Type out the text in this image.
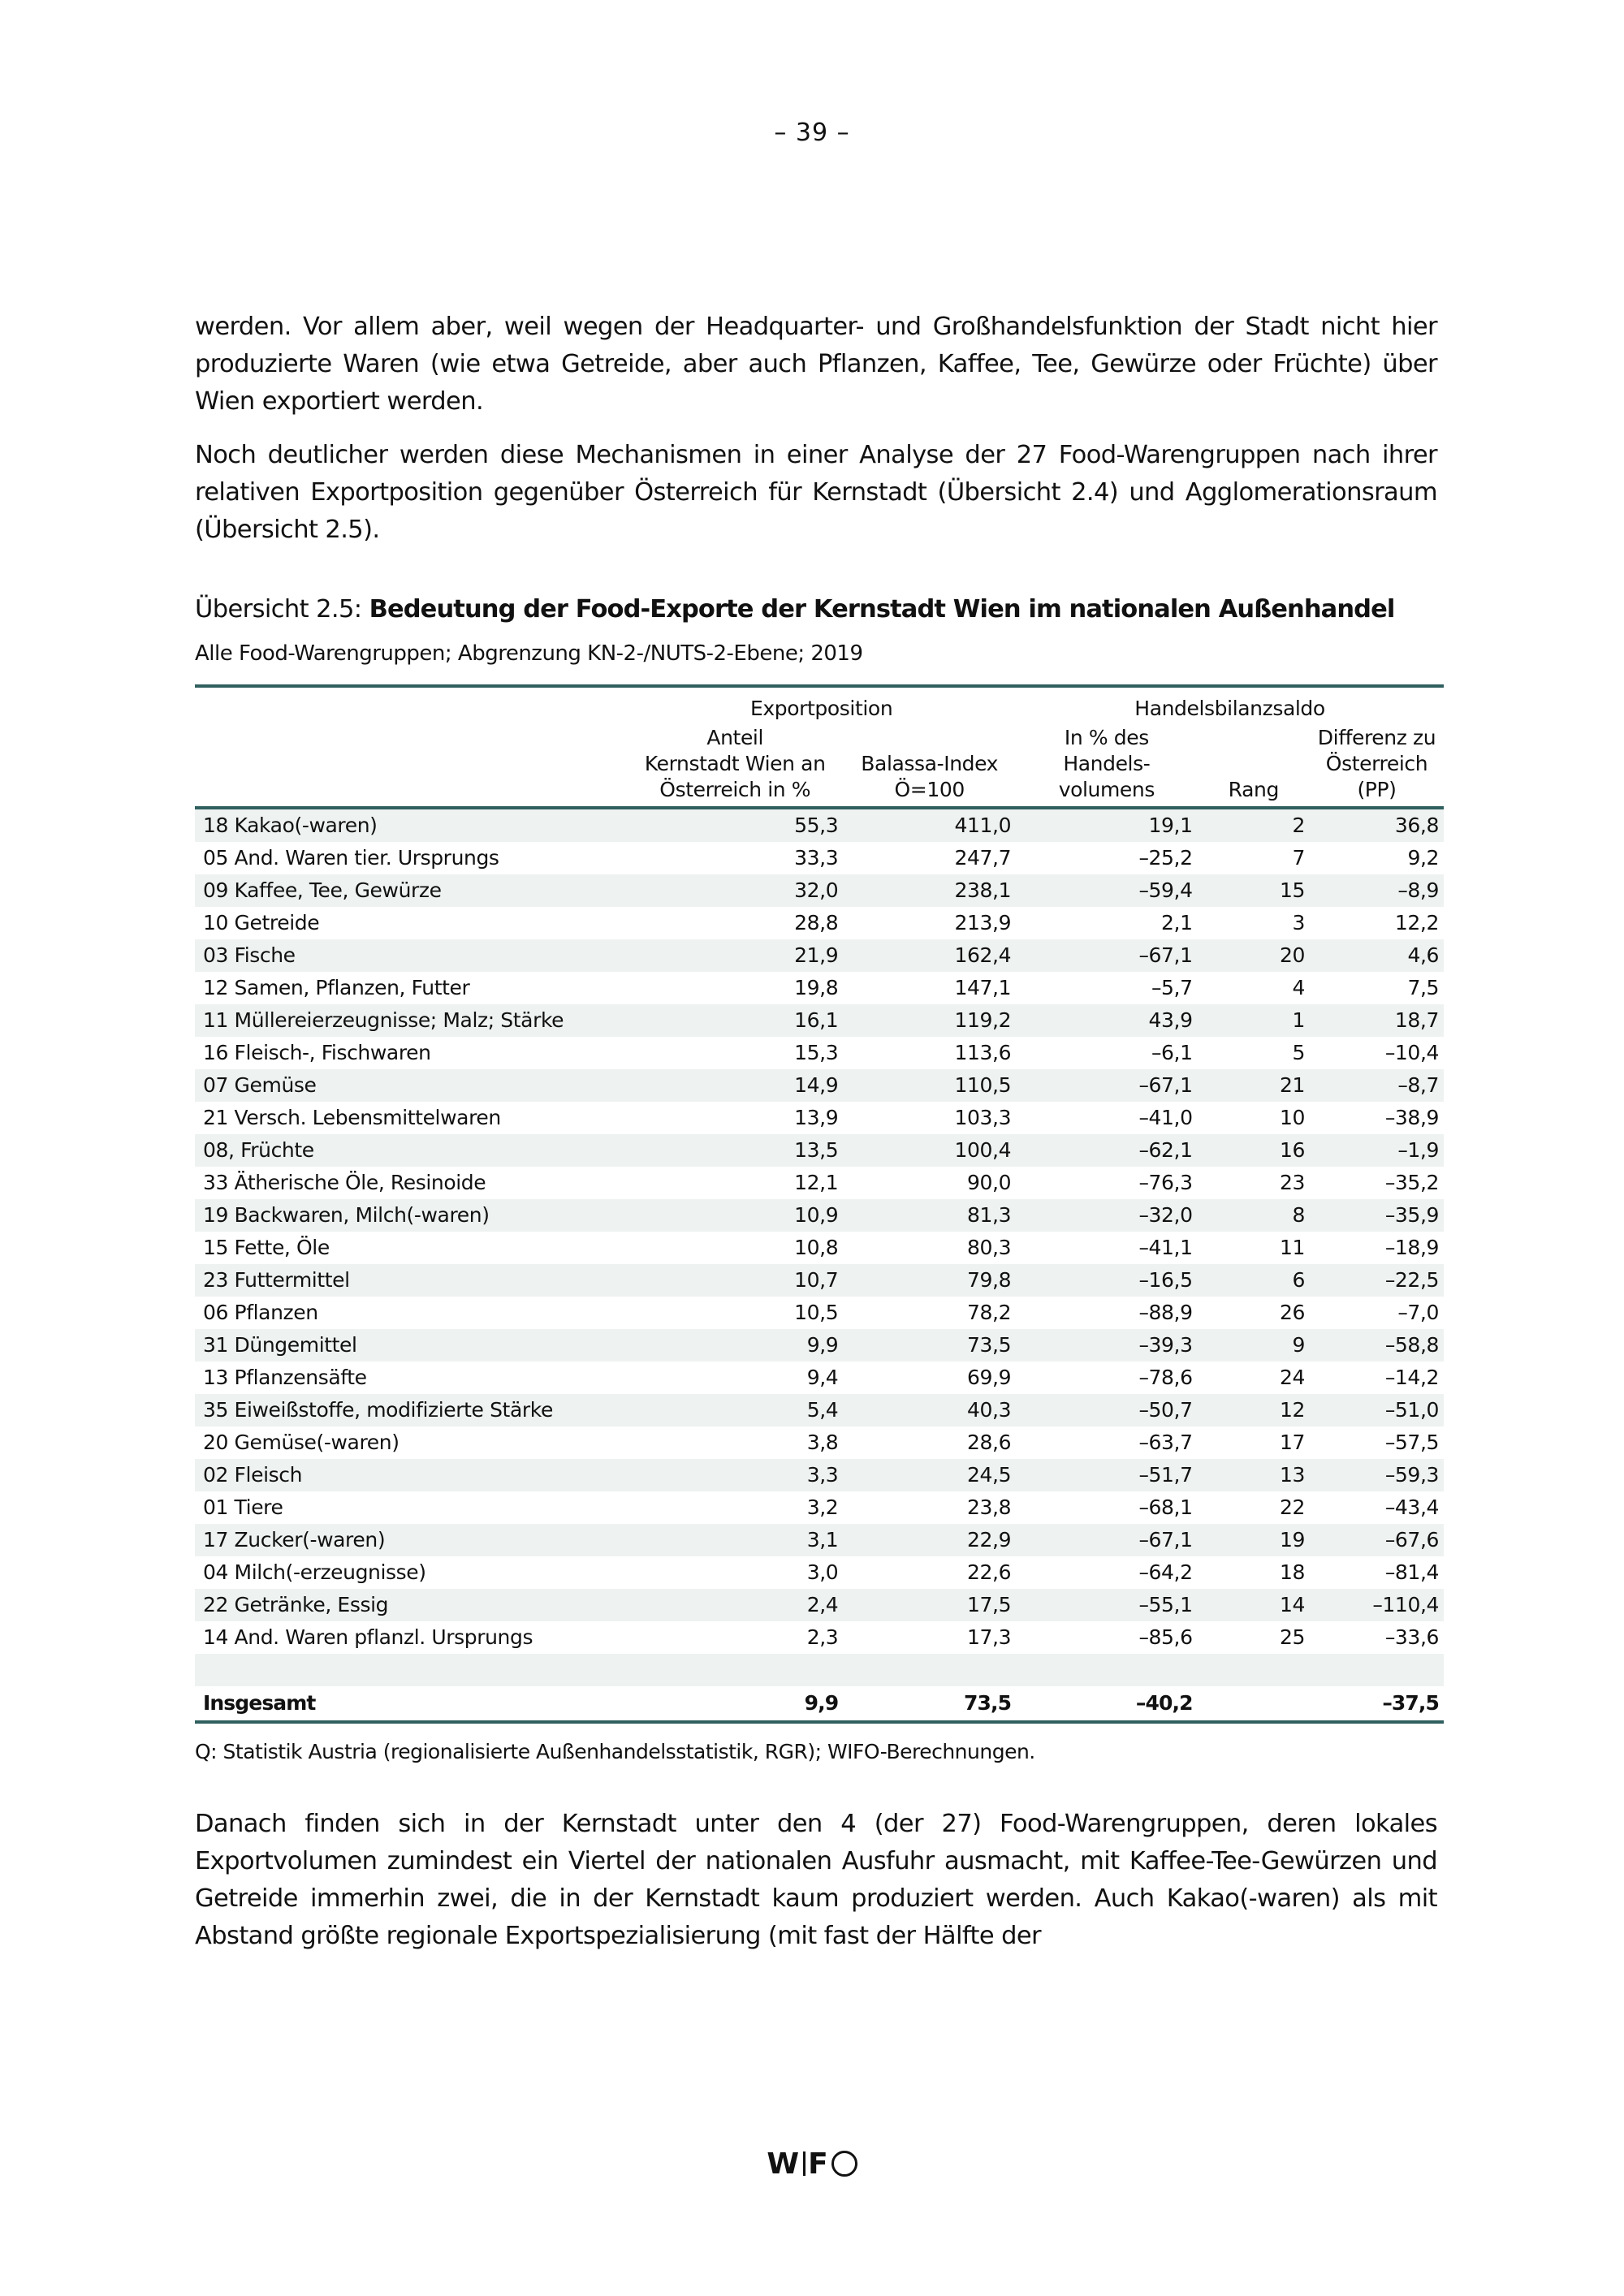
– 39 –

werden. Vor allem aber, weil wegen der Headquarter- und Großhandelsfunktion der Stadt nicht hier produzierte Waren (wie etwa Getreide, aber auch Pflanzen, Kaffee, Tee, Gewürze oder Früchte) über Wien exportiert werden.

Noch deutlicher werden diese Mechanismen in einer Analyse der 27 Food-Warengruppen nach ihrer relativen Exportposition gegenüber Österreich für Kernstadt (Übersicht 2.4) und Agglomerationsraum (Übersicht 2.5).

Übersicht 2.5: Bedeutung der Food-Exporte der Kernstadt Wien im nationalen Außenhandel
Alle Food-Warengruppen; Abgrenzung KN-2-/NUTS-2-Ebene; 2019

	Exportposition		Handelsbilanzsaldo		

Anteil
Kernstadt Wien an
Österreich in %

Balassa-Index
Ö=100

In % des
Handels-
volumens	Rang

Differenz zu
Österreich
(PP)

18 Kakao(-waren)	55,3	411,0	19,1	2	36,8
05 And. Waren tier. Ursprungs	33,3	247,7	–25,2	7	9,2
09 Kaffee, Tee, Gewürze	32,0	238,1	–59,4	15	–8,9
10 Getreide	28,8	213,9	2,1	3	12,2
03 Fische	21,9	162,4	–67,1	20	4,6
12 Samen, Pflanzen, Futter	19,8	147,1	–5,7	4	7,5
11 Müllereierzeugnisse; Malz; Stärke	16,1	119,2	43,9	1	18,7
16 Fleisch-, Fischwaren	15,3	113,6	–6,1	5	–10,4
07 Gemüse	14,9	110,5	–67,1	21	–8,7
21 Versch. Lebensmittelwaren	13,9	103,3	–41,0	10	–38,9
08, Früchte	13,5	100,4	–62,1	16	–1,9
33 Ätherische Öle, Resinoide	12,1	90,0	–76,3	23	–35,2
19 Backwaren, Milch(-waren)	10,9	81,3	–32,0	8	–35,9
15 Fette, Öle	10,8	80,3	–41,1	11	–18,9
23 Futtermittel	10,7	79,8	–16,5	6	–22,5
06 Pflanzen	10,5	78,2	–88,9	26	–7,0
31 Düngemittel	9,9	73,5	–39,3	9	–58,8
13 Pflanzensäfte	9,4	69,9	–78,6	24	–14,2
35 Eiweißstoffe, modifizierte Stärke	5,4	40,3	–50,7	12	–51,0
20 Gemüse(-waren)	3,8	28,6	–63,7	17	–57,5
02 Fleisch	3,3	24,5	–51,7	13	–59,3
01 Tiere	3,2	23,8	–68,1	22	–43,4
17 Zucker(-waren)	3,1	22,9	–67,1	19	–67,6
04 Milch(-erzeugnisse)	3,0	22,6	–64,2	18	–81,4
22 Getränke, Essig	2,4	17,5	–55,1	14	–110,4
14 And. Waren pflanzl. Ursprungs	2,3	17,3	–85,6	25	–33,6

Insgesamt	9,9	73,5	–40,2		–37,5
Q: Statistik Austria (regionalisierte Außenhandelsstatistik, RGR); WIFO-Berechnungen.

Danach finden sich in der Kernstadt unter den 4 (der 27) Food-Warengruppen, deren lokales Exportvolumen zumindest ein Viertel der nationalen Ausfuhr ausmacht, mit Kaffee-Tee-Gewürzen und Getreide immerhin zwei, die in der Kernstadt kaum produziert werden. Auch Kakao(-waren) als mit Abstand größte regionale Exportspezialisierung (mit fast der Hälfte der

W F
